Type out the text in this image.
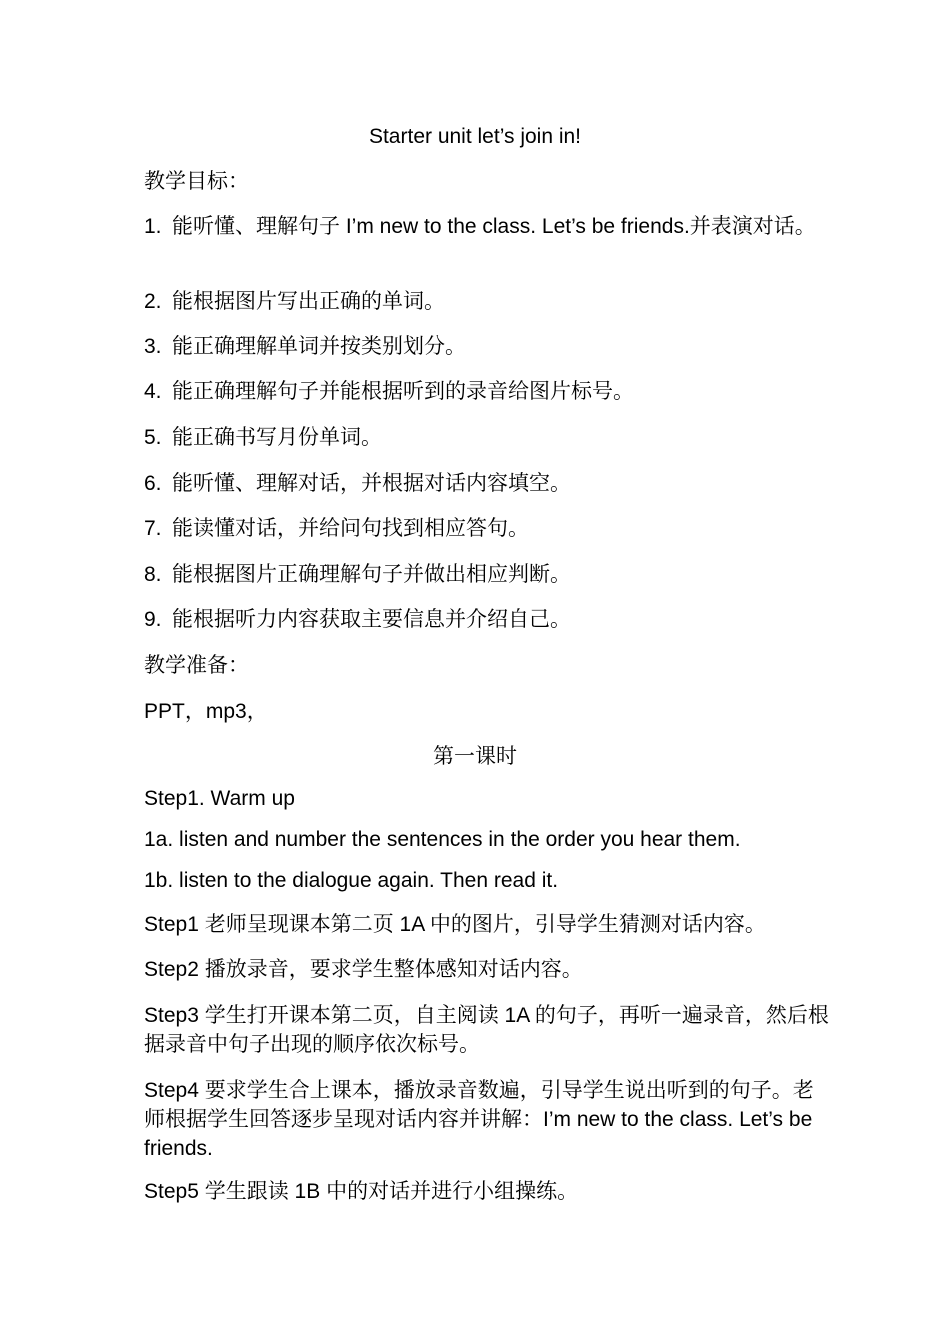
Starter unit let’s join in!
教学目标：
1. 能听懂、理解句子 I’m new to the class. Let’s be friends.并表演对话。
2. 能根据图片写出正确的单词。
3. 能正确理解单词并按类别划分。
4. 能正确理解句子并能根据听到的录音给图片标号。
5. 能正确书写月份单词。
6. 能听懂、理解对话，并根据对话内容填空。
7. 能读懂对话，并给问句找到相应答句。
8. 能根据图片正确理解句子并做出相应判断。
9. 能根据听力内容获取主要信息并介绍自己。
教学准备：
PPT，mp3，
第一课时
Step1. Warm up
1a. listen and number the sentences in the order you hear them.
1b. listen to the dialogue again. Then read it.
Step1 老师呈现课本第二页 1A 中的图片，引导学生猜测对话内容。
Step2 播放录音，要求学生整体感知对话内容。
Step3 学生打开课本第二页，自主阅读 1A 的句子，再听一遍录音，然后根据录音中句子出现的顺序依次标号。
Step4 要求学生合上课本，播放录音数遍，引导学生说出听到的句子。老师根据学生回答逐步呈现对话内容并讲解：I’m new to the class. Let’s be friends.
Step5 学生跟读 1B 中的对话并进行小组操练。
